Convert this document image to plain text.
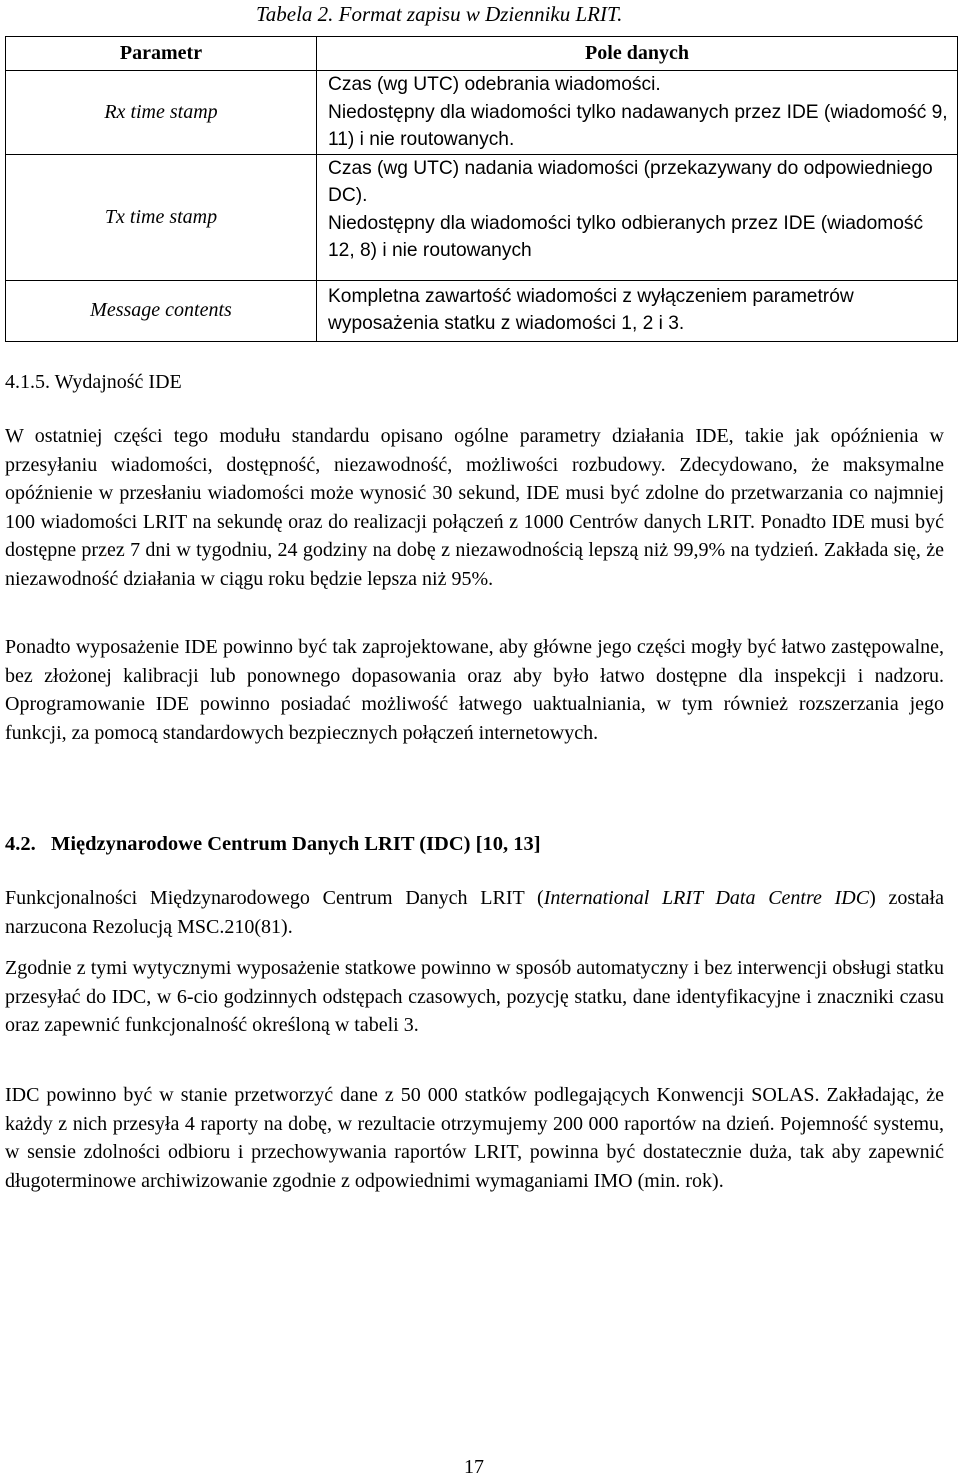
Tabela 2. Format zapisu w Dzienniku LRIT.

Parametr	Pole danych
Rx time stamp	Czas (wg UTC) odebrania wiadomości.

Niedostępny dla wiadomości tylko nadawanych przez IDE (wiadomość 9, 11) i nie routowanych.

Tx time stamp	Czas (wg UTC) nadania wiadomości (przekazywany do odpowiedniego DC).

Niedostępny dla wiadomości tylko odbieranych przez IDE (wiadomość 12, 8) i nie routowanych

Message contents	Kompletna zawartość wiadomości z wyłączeniem parametrów wyposażenia statku z wiadomości 1, 2 i 3.

4.1.5. Wydajność IDE

W ostatniej części tego modułu standardu opisano ogólne parametry działania IDE, takie jak opóźnienia w przesyłaniu wiadomości, dostępność, niezawodność, możliwości rozbudowy. Zdecydowano, że maksymalne opóźnienie w przesłaniu wiadomości może wynosić 30 sekund, IDE musi być zdolne do przetwarzania co najmniej 100 wiadomości LRIT na sekundę oraz do realizacji połączeń z 1000 Centrów danych LRIT. Ponadto IDE musi być dostępne przez 7 dni w tygodniu, 24 godziny na dobę z niezawodnością lepszą niż 99,9% na tydzień. Zakłada się, że niezawodność działania w ciągu roku będzie lepsza niż 95%.

Ponadto wyposażenie IDE powinno być tak zaprojektowane, aby główne jego części mogły być łatwo zastępowalne, bez złożonej kalibracji lub ponownego dopasowania oraz aby było łatwo dostępne dla inspekcji i nadzoru. Oprogramowanie IDE powinno posiadać możliwość łatwego uaktualniania, w tym również rozszerzania jego funkcji, za pomocą standardowych bezpiecznych połączeń internetowych.

4.2. Międzynarodowe Centrum Danych LRIT (IDC) [10, 13]

Funkcjonalności Międzynarodowego Centrum Danych LRIT (International LRIT Data Centre IDC) została narzucona Rezolucją MSC.210(81).

Zgodnie z tymi wytycznymi wyposażenie statkowe powinno w sposób automatyczny i bez interwencji obsługi statku przesyłać do IDC, w 6-cio godzinnych odstępach czasowych, pozycję statku, dane identyfikacyjne i znaczniki czasu oraz zapewnić funkcjonalność określoną w tabeli 3.

IDC powinno być w stanie przetworzyć dane z 50 000 statków podlegających Konwencji SOLAS. Zakładając, że każdy z nich przesyła 4 raporty na dobę, w rezultacie otrzymujemy 200 000 raportów na dzień. Pojemność systemu, w sensie zdolności odbioru i przechowywania raportów LRIT, powinna być dostatecznie duża, tak aby zapewnić długoterminowe archiwizowanie zgodnie z odpowiednimi wymaganiami IMO (min. rok).

17
